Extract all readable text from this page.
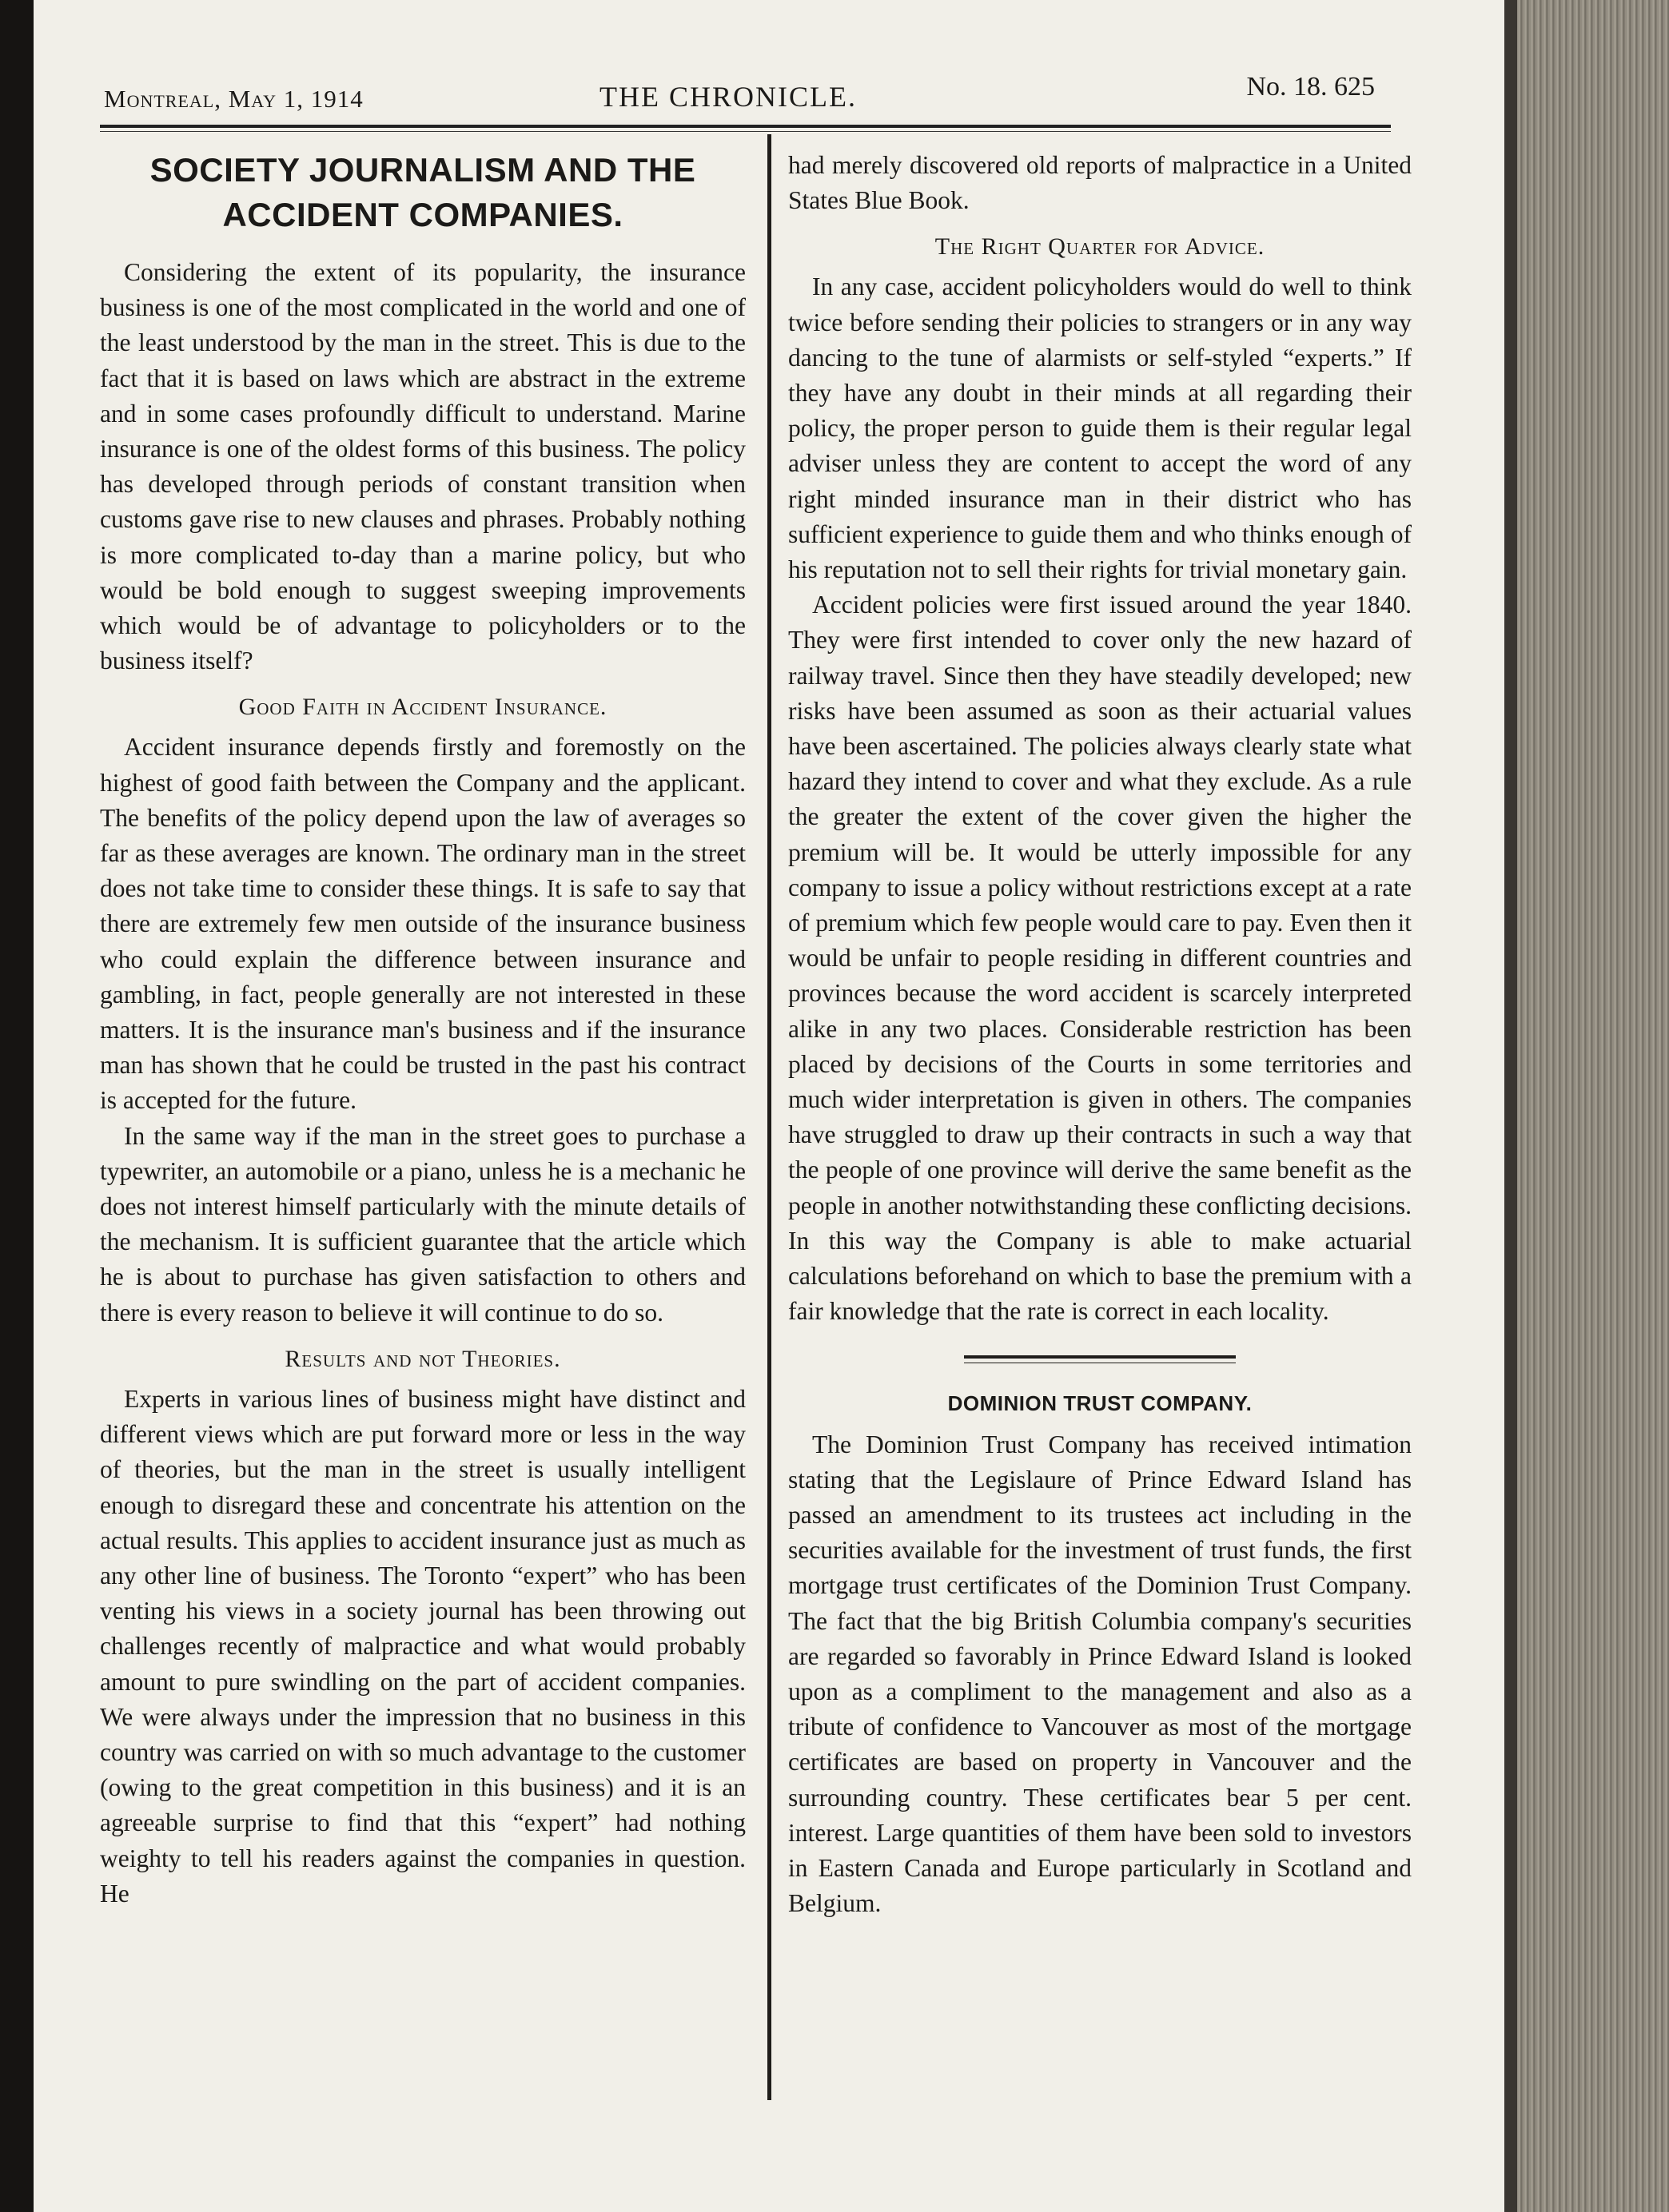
Montreal, May 1, 1914	THE CHRONICLE.	No. 18. 625
SOCIETY JOURNALISM AND THE
ACCIDENT COMPANIES.

Considering the extent of its popularity, the insurance business is one of the most complicated in the world and one of the least understood by the man in the street. This is due to the fact that it is based on laws which are abstract in the extreme and in some cases profoundly difficult to understand. Marine insurance is one of the oldest forms of this business. The policy has developed through periods of constant transition when customs gave rise to new clauses and phrases. Probably nothing is more complicated to-day than a marine policy, but who would be bold enough to suggest sweeping improvements which would be of advantage to policyholders or to the business itself?

Good Faith in Accident Insurance.

Accident insurance depends firstly and foremostly on the highest of good faith between the Company and the applicant. The benefits of the policy depend upon the law of averages so far as these averages are known. The ordinary man in the street does not take time to consider these things. It is safe to say that there are extremely few men outside of the insurance business who could explain the difference between insurance and gambling, in fact, people generally are not interested in these matters. It is the insurance man's business and if the insurance man has shown that he could be trusted in the past his contract is accepted for the future.

In the same way if the man in the street goes to purchase a typewriter, an automobile or a piano, unless he is a mechanic he does not interest himself particularly with the minute details of the mechanism. It is sufficient guarantee that the article which he is about to purchase has given satisfaction to others and there is every reason to believe it will continue to do so.

Results and not Theories.

Experts in various lines of business might have distinct and different views which are put forward more or less in the way of theories, but the man in the street is usually intelligent enough to disregard these and concentrate his attention on the actual results. This applies to accident insurance just as much as any other line of business. The Toronto “expert” who has been venting his views in a society journal has been throwing out challenges recently of malpractice and what would probably amount to pure swindling on the part of accident companies. We were always under the impression that no business in this country was carried on with so much advantage to the customer (owing to the great competition in this business) and it is an agreeable surprise to find that this “expert” had nothing weighty to tell his readers against the companies in question. He

had merely discovered old reports of malpractice in a United States Blue Book.

The Right Quarter for Advice.

In any case, accident policyholders would do well to think twice before sending their policies to strangers or in any way dancing to the tune of alarmists or self-styled “experts.” If they have any doubt in their minds at all regarding their policy, the proper person to guide them is their regular legal adviser unless they are content to accept the word of any right minded insurance man in their district who has sufficient experience to guide them and who thinks enough of his reputation not to sell their rights for trivial monetary gain.

Accident policies were first issued around the year 1840. They were first intended to cover only the new hazard of railway travel. Since then they have steadily developed; new risks have been assumed as soon as their actuarial values have been ascertained. The policies always clearly state what hazard they intend to cover and what they exclude. As a rule the greater the extent of the cover given the higher the premium will be. It would be utterly impossible for any company to issue a policy without restrictions except at a rate of premium which few people would care to pay. Even then it would be unfair to people residing in different countries and provinces because the word accident is scarcely interpreted alike in any two places. Considerable restriction has been placed by decisions of the Courts in some territories and much wider interpretation is given in others. The companies have struggled to draw up their contracts in such a way that the people of one province will derive the same benefit as the people in another notwithstanding these conflicting decisions. In this way the Company is able to make actuarial calculations beforehand on which to base the premium with a fair knowledge that the rate is correct in each locality.

DOMINION TRUST COMPANY.

The Dominion Trust Company has received intimation stating that the Legislaure of Prince Edward Island has passed an amendment to its trustees act including in the securities available for the investment of trust funds, the first mortgage trust certificates of the Dominion Trust Company. The fact that the big British Columbia company's securities are regarded so favorably in Prince Edward Island is looked upon as a compliment to the management and also as a tribute of confidence to Vancouver as most of the mortgage certificates are based on property in Vancouver and the surrounding country. These certificates bear 5 per cent. interest. Large quantities of them have been sold to investors in Eastern Canada and Europe particularly in Scotland and Belgium.
